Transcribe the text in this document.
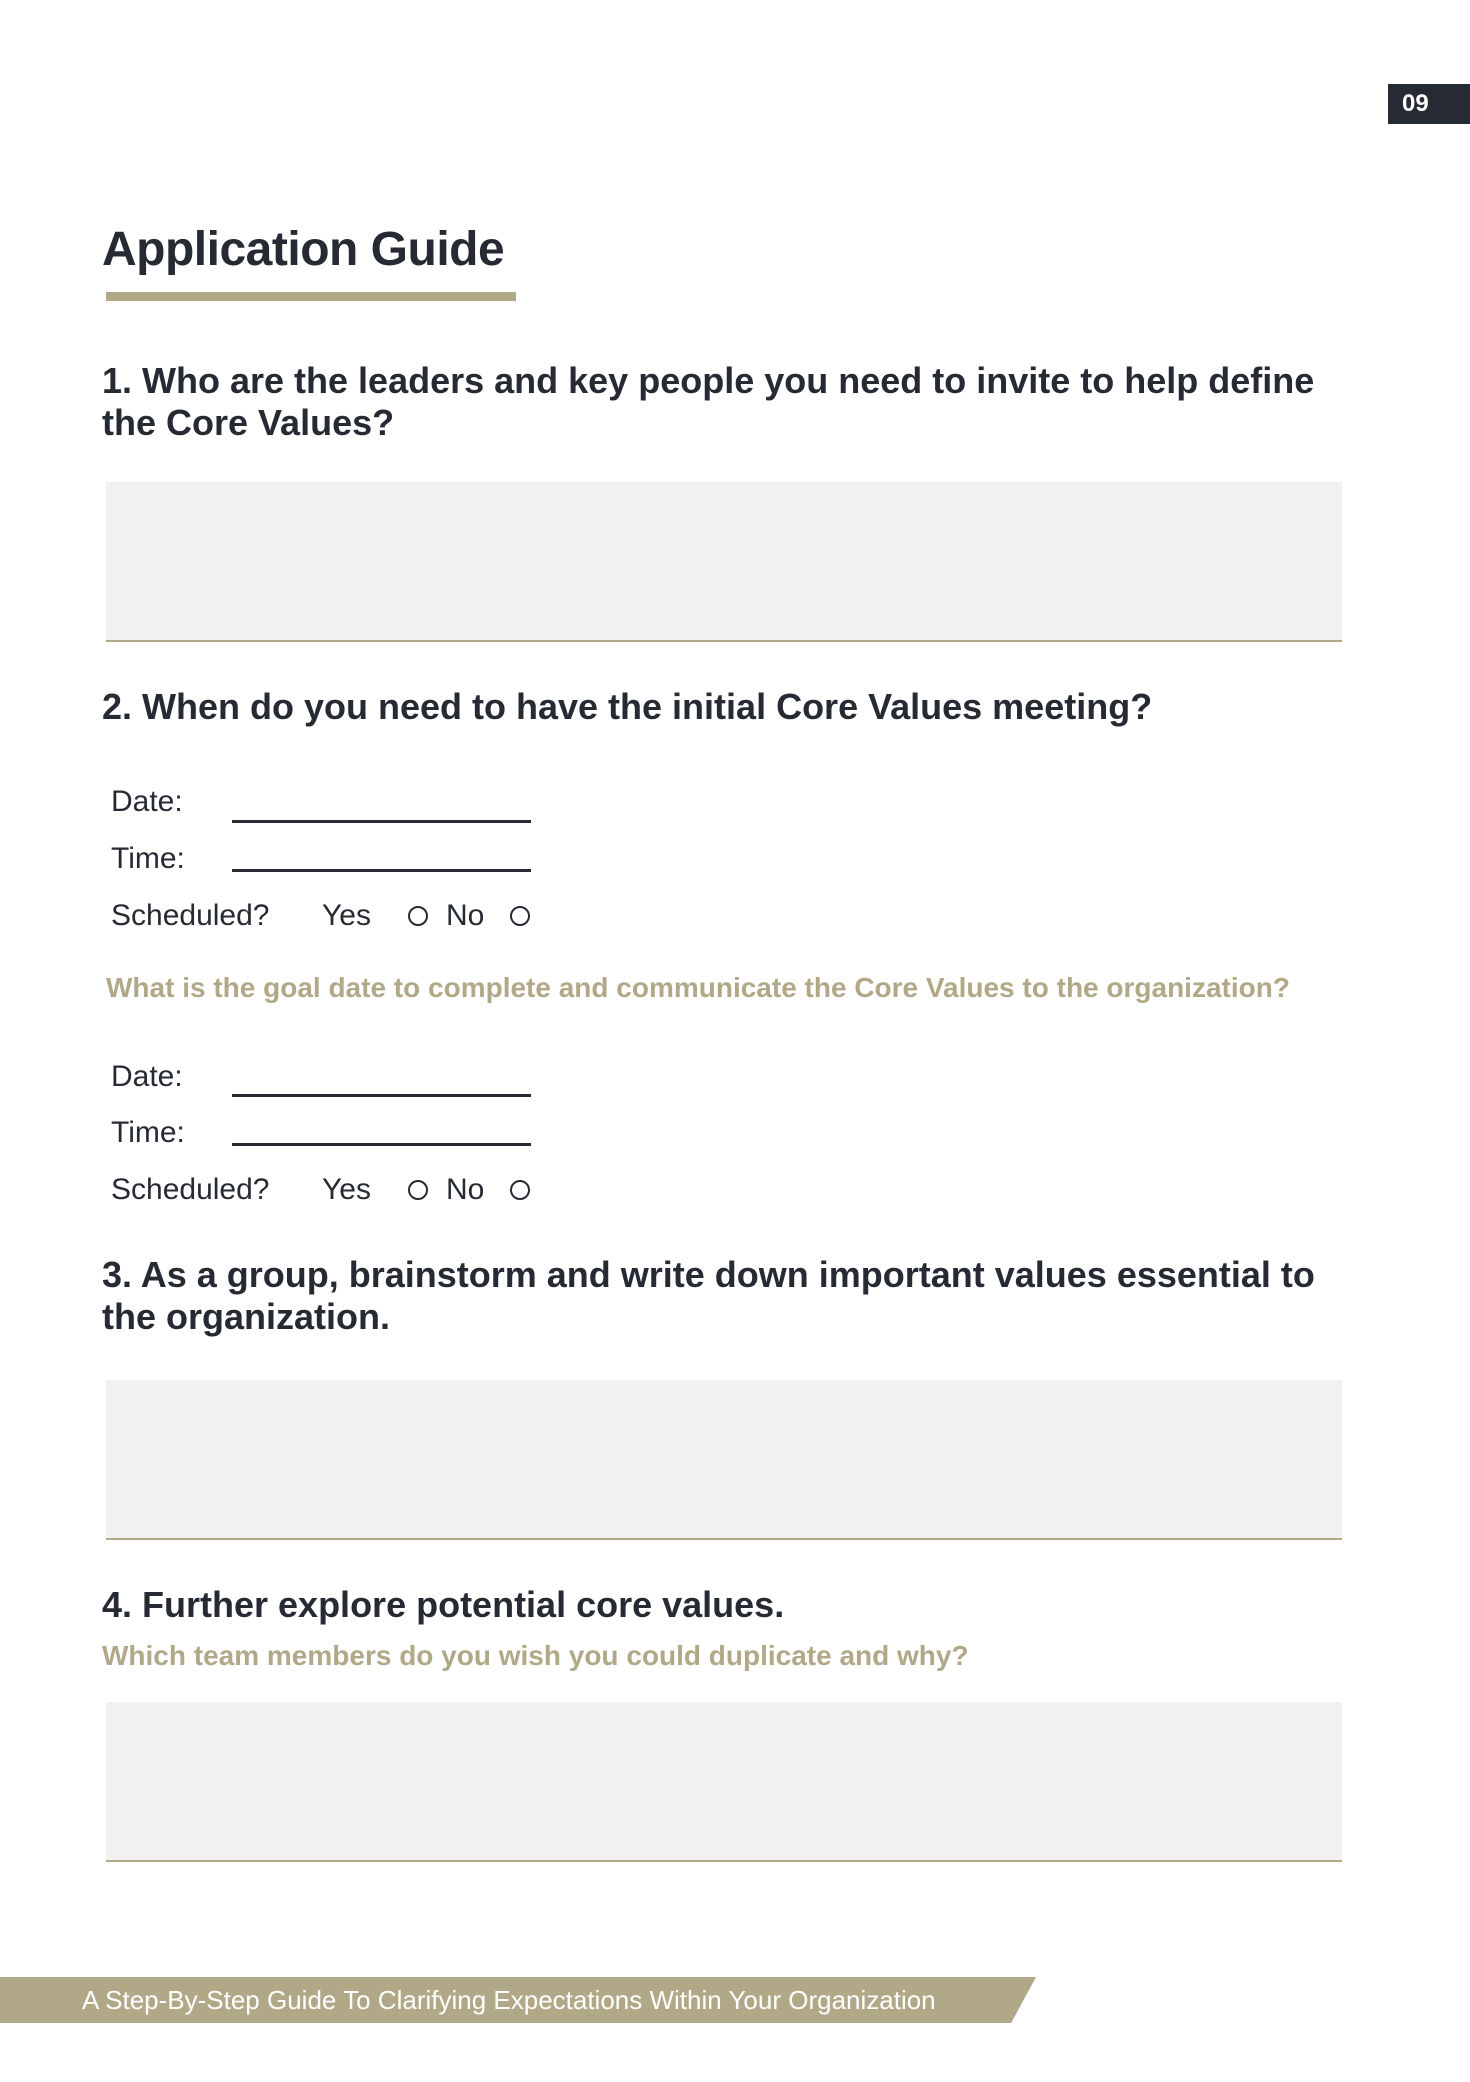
09
Application Guide

1. Who are the leaders and key people you need to invite to help define the Core Values?

2. When do you need to have the initial Core Values meeting?

Date:
Time:
Scheduled? Yes	No

What is the goal date to complete and communicate the Core Values to the organization?

Date:
Time:
Scheduled? Yes	No

3. As a group, brainstorm and write down important values essential to the organization.

4. Further explore potential core values.

Which team members do you wish you could duplicate and why?

A Step-By-Step Guide To Clarifying Expectations Within Your Organization
